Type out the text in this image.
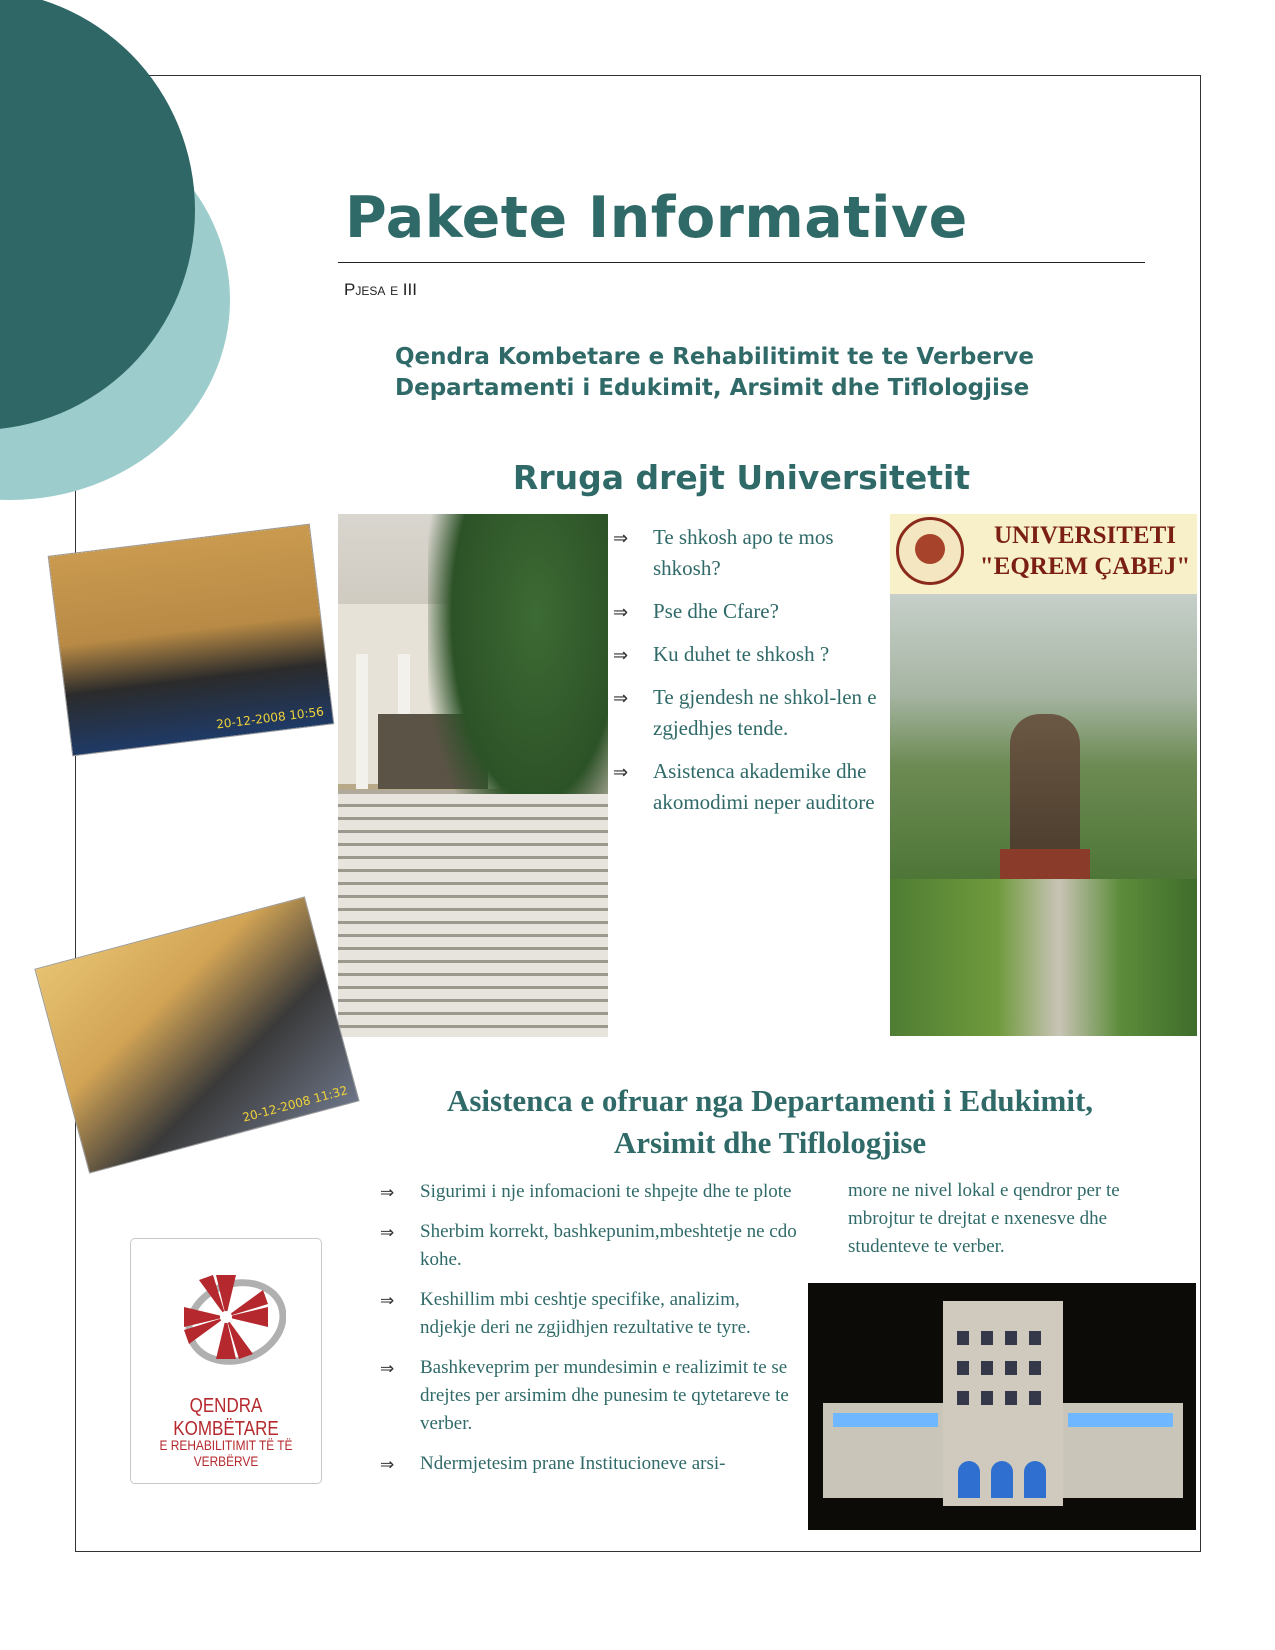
Pakete Informative
Pjesa e III
Qendra Kombetare e Rehabilitimit te te Verberve
Departamenti i Edukimit, Arsimit dhe Tiflologjise
Rruga drejt Universitetit
⇒ Te shkosh apo te mos shkosh?
⇒ Pse dhe Cfare?
⇒ Ku duhet te shkosh ?
⇒ Te gjendesh ne shkol-len e zgjedhjes tende.
⇒ Asistenca akademike dhe akomodimi neper auditore
UNIVERSITETI
"EQREM ÇABEJ"
20-12-2008 10:56
20-12-2008 11:32	Asistenca e ofruar nga Departamenti i Edukimit,
Arsimit dhe Tiflologjise
⇒ Sigurimi i nje infomacioni te shpejte dhe te plote
⇒ Sherbim korrekt, bashkepunim,mbeshtetje ne cdo kohe.
⇒ Keshillim mbi ceshtje specifike, analizim, ndjekje deri ne zgjidhjen rezultative te tyre.
⇒ Bashkeveprim per mundesimin e realizimit te se drejtes per arsimim dhe punesim te qytetareve te verber.
⇒ Ndermjetesim prane Institucioneve arsi-
more ne nivel lokal e qendror per te mbrojtur te drejtat e nxenesve dhe studenteve te verber.
QENDRA KOMBËTARE
E REHABILITIMIT TË TË VERBËRVE
